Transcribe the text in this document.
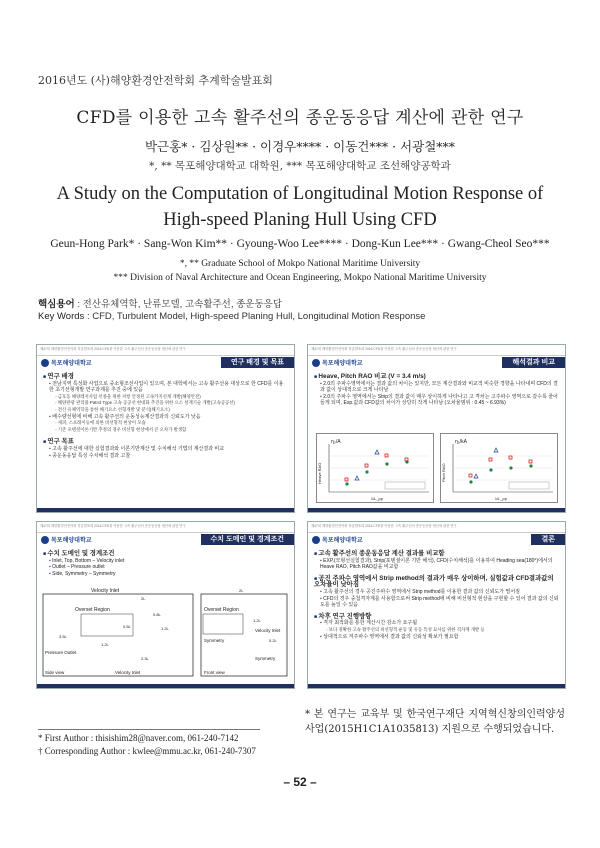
2016년도 (사)해양환경안전학회 추계학술발표회
CFD를 이용한 고속 활주선의 종운동응답 계산에 관한 연구
박근홍* · 김상원** · 이경우**** · 이동건*** · 서광철***
*, ** 목포해양대학교 대학원, *** 목포해양대학교 조선해양공학과
A Study on the Computation of Longitudinal Motion Response of High-speed Planing Hull Using CFD
Geun-Hong Park* · Sang-Won Kim** · Gyoung-Woo Lee**** · Dong-Kun Lee*** · Gwang-Cheol Seo***
*, ** Graduate School of Mokpo National Maritime University
*** Division of Naval Architecture and Ocean Engineering, Mokpo National Maritime University
핵심용어 : 전산유체역학, 난류모델, 고속활주선, 종운동응답
Key Words : CFD, Turbulent Model, High-speed Planing Hull, Longitudinal Motion Response
제47회 해양환경안전학회 학술발표회 2016 CFD를 이용한 고속 활주선의 종운동응답 계산에 관한 연구
목포해양대학교	연구 배경 및 목표
■ 연구 배경
▪ 전남지역 특성화 사업으로 중소형조선사업이 있으며, 본 대학에서는 고속 활주선용 대상으로 한 CFD를 이용한 초기선형개발 연구과제를 추진 중에 있음
▫ 금호동 해양레저사업 선종을 위한 저항 안정된 고속카지선계 개발(해양안전)
▫ 해양관광 관리용 Patrol Type 고속 공공선 현대화 추진을 위한 요소 설계기술 개발(고속공공선)
▫ 전산 유체역학을 통한 해기요소 선형개발 및 분석(해기요소)
▪ 배수량선형에 비해 고속 활주선의 운동성능계산결과의 신뢰도가 낮음
▫ 새퍼, 스프레이등에 의한 비선형적 현상이 모습
▫ 기존 포텐셜이론기반 추정의 경우 비선형 현상에서 큰 오차가 발생함
■ 연구 목표
▪ 고속 활주선에 대한 실험결과와 이론기반계산 및 수치해석 기법의 계산결과 비교
▪ 종운동응답 특성 수치해석 결과 고찰
제47회 해양환경안전학회 학술발표회 2016 CFD를 이용한 고속 활주선의 종운동응답 계산에 관한 연구
목포해양대학교	해석결과 비교
■ Heave, Pitch RAO 비교 (V = 3.4 m/s)
▪ 2.0의 주파수영역에서는 결과 값의 차이는 있지만, 모든 계산결과와 비교적 비슷한 경향을 나타내며 CFD의 결과 값이 상대적으로 크게 나타남
▪ 2.0의 주파수 영역에서는 Strip의 결과 값이 매우 상이하게 나타나고 고 격차는 고주파수 영역으로 갈수록 줄어들게 되며, Exp.값과 CFD값의 차이가 상당히 작게 나타남 (오차율범위 : 0.45 ~ 6.93%)
η₃/A
Heave RAO
λ/L_pp
η₅/kA
Pitch RAO
λ/L_pp
제47회 해양환경안전학회 학술발표회 2016 CFD를 이용한 고속 활주선의 종운동응답 계산에 관한 연구
목포해양대학교	수치 도메인 및 경계조건
■ 수치 도메인 및 경계조건
▪ Inlet, Top, Bottom – Velocity inlet
▪ Outlet – Pressure outlet
▪ Side, Symmetry – Symmetry
Velocity Inlet
Overset Region
Pressure Outlet
Side view	Velocity Inlet
2L
0.8L
1.2L
3.5L
1.2L
2.3L
0.5L
2L
Overset Region
Symmetry
Velocity Inlet
Symmetry
1.2L
0.2L
Front view
제47회 해양환경안전학회 학술발표회 2016 CFD를 이용한 고속 활주선의 종운동응답 계산에 관한 연구
목포해양대학교	결론
■ 고속 활주선의 종운동응답 계산 결과를 비교함
▪ EXP.(모형선실험결과), Strip(포텐셜이론 기반 해석), CFD(수치해석)를 이용하여 Heading sea(180°)에서의 Heave RAO, Pitch RAO값을 비교함
■ 공진 주파수 영역에서 Strip method의 결과가 매우 상이하며, 실험값과 CFD결과값의 오차율이 낮아짐
▪ 고속 활주선의 경우 공진주파수 영역에서 Strip method를 이용한 결과 값의 신뢰도가 떨어짐
▪ CFD의 경우 중첩격자계를 사용함으로써 Strip method에 비해 비선형적 현상을 구현할 수 있어 결과 값의 신뢰도를 높일 수 있음
■ 차후 연구 진행방향
▪ 격자 최적화를 통한 계산시간 감소가 요구됨
▫ 보다 정확한 고속 활주선의 비선형적 운동 및 유동 특성 묘사를 위한 격자계 개발 등
▪ 상대적으로 저주파수 영역에서 결과 값의 신뢰성 확보가 필요함
* 본 연구는 교육부 및 한국연구재단 지역혁신창의인력양성사업(2015H1C1A1035813) 지원으로 수행되었습니다.
* First Author : thisishim28@naver.com, 061-240-7142
† Corresponding Author : kwlee@mmu.ac.kr, 061-240-7307
– 52 –
